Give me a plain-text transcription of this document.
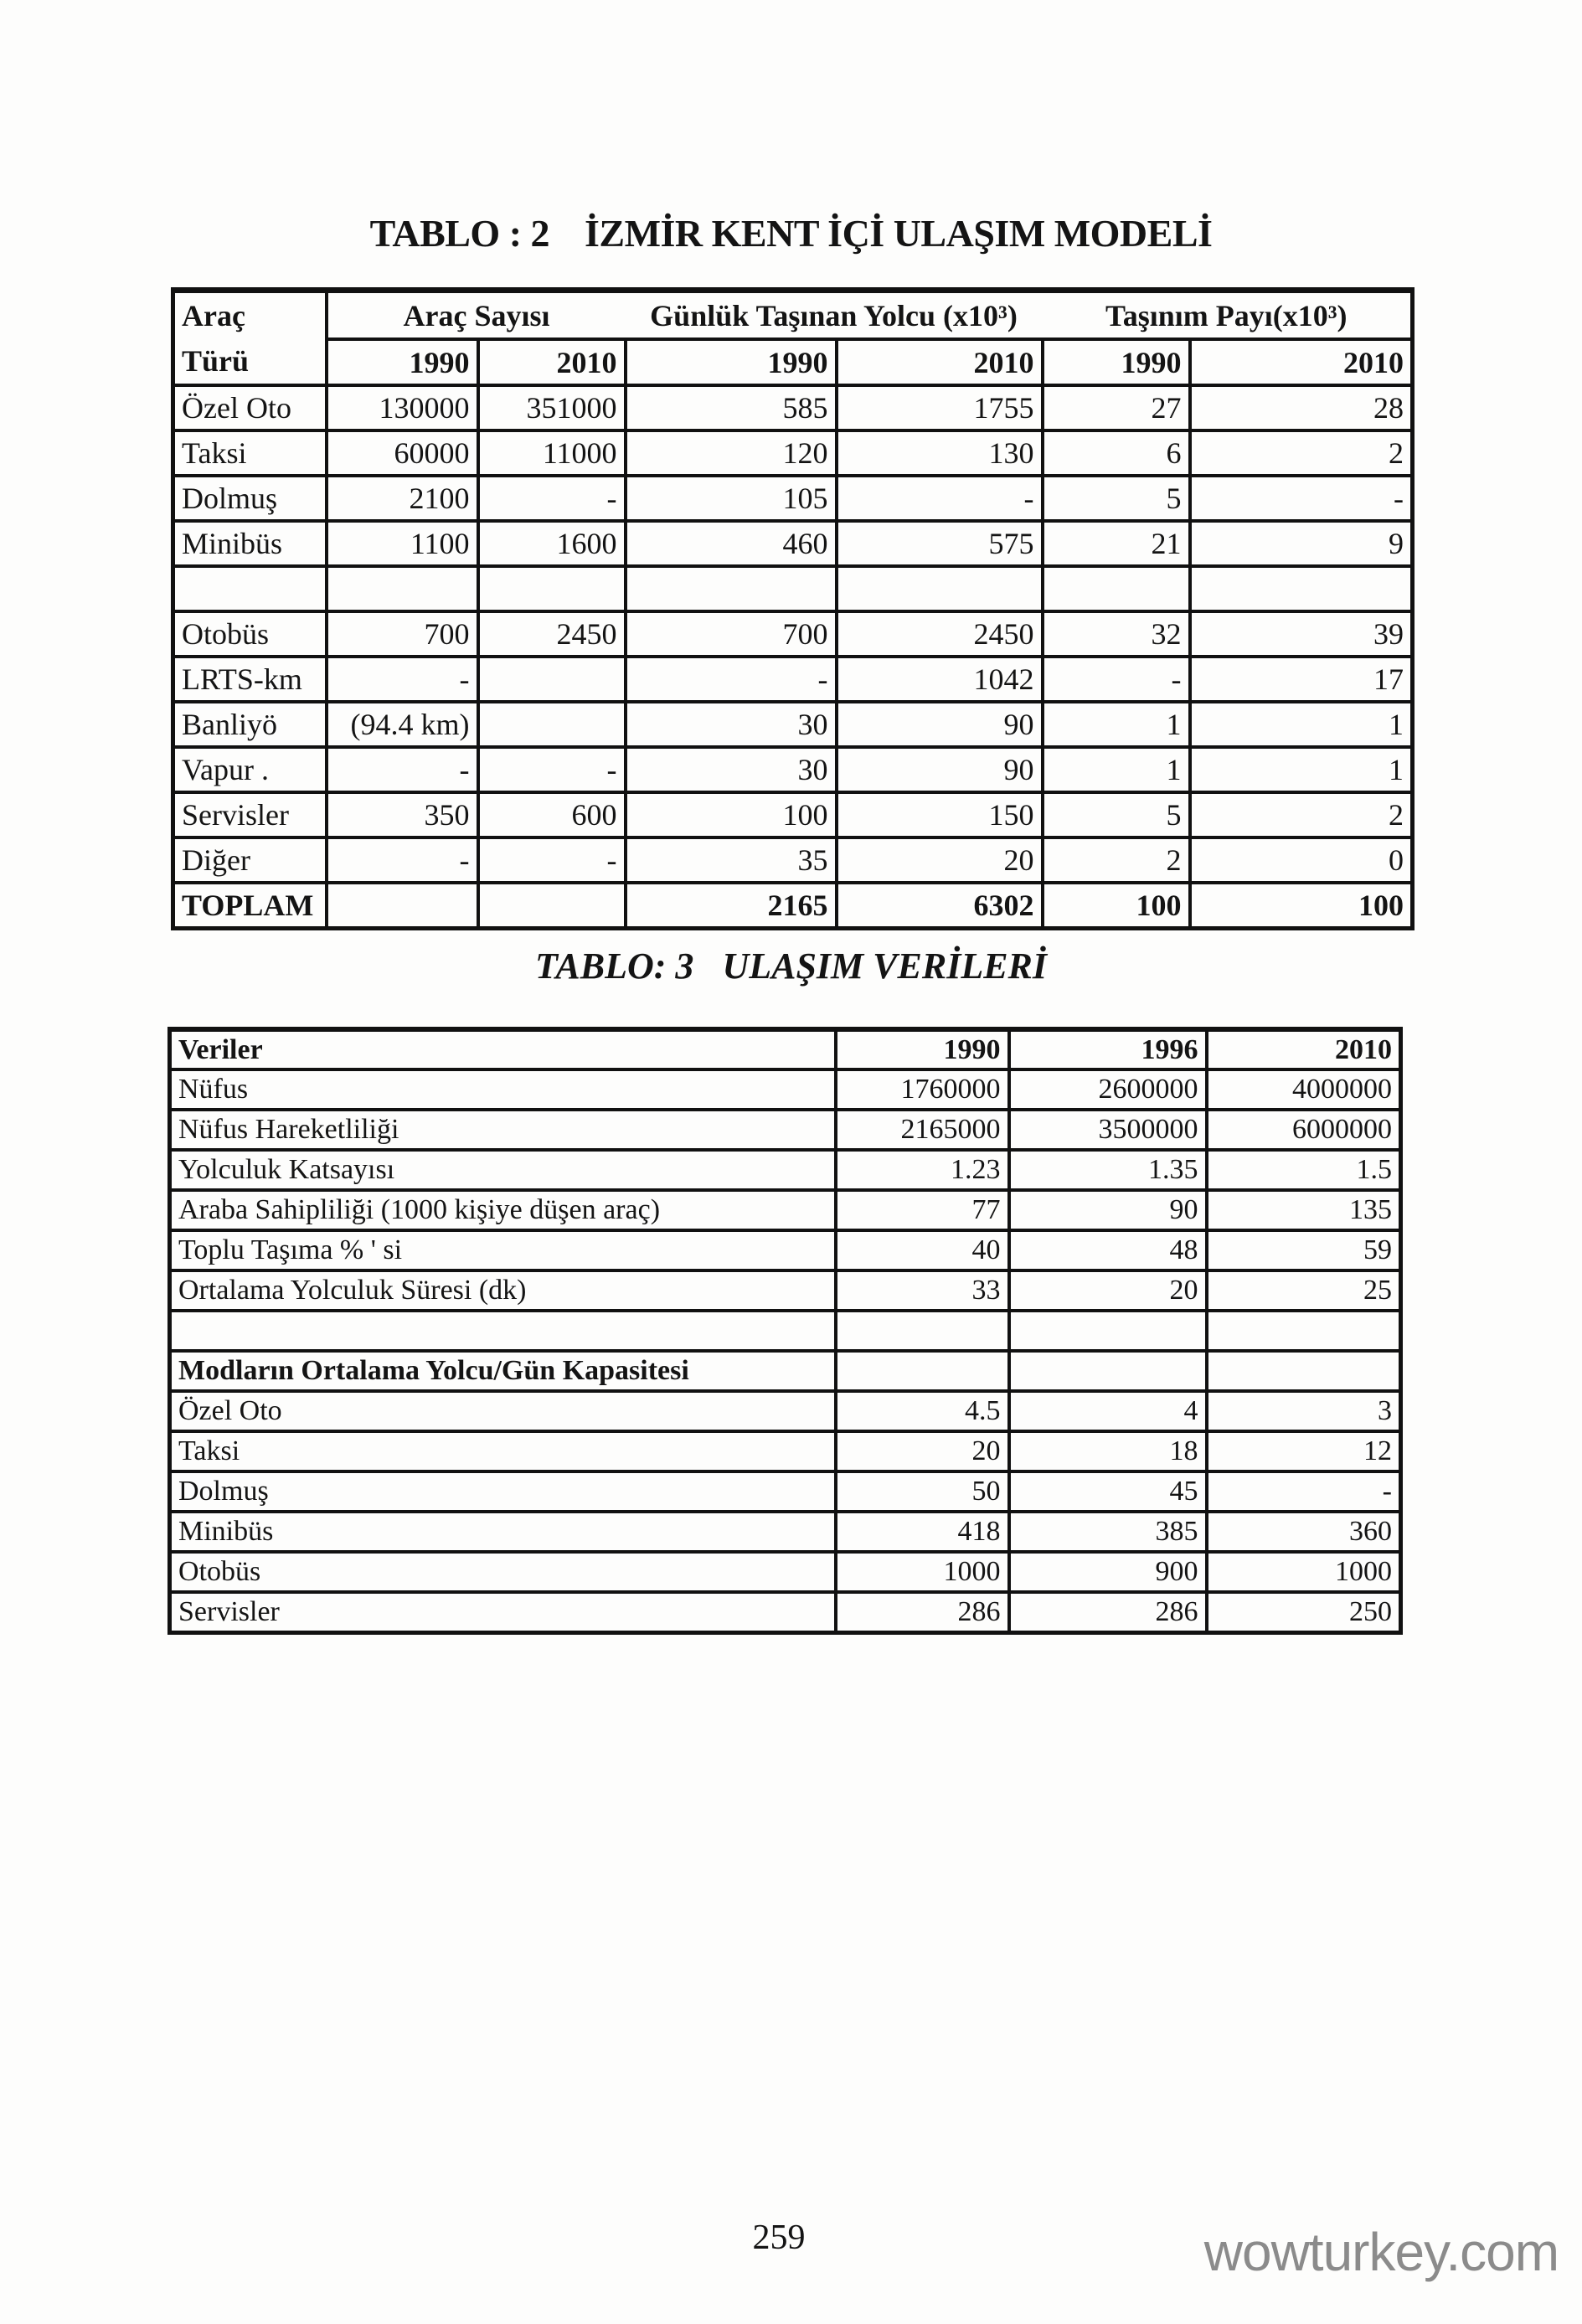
TABLO : 2 İZMİR KENT İÇİ ULAŞIM MODELİ
Araç
Türü	Araç Sayısı		Günlük Taşınan Yolcu (x10³)		Taşınım Payı(x10³)	
	1990	2010	1990	2010	1990	2010
Özel Oto	130000	351000	585	1755	27	28
Taksi	60000	11000	120	130	6	2
Dolmuş	2100	-	105	-	5	-
Minibüs	1100	1600	460	575	21	9

Otobüs	700	2450	700	2450	32	39
LRTS-km	-		-	1042	-	17
Banliyö	(94.4 km)		30	90	1	1
Vapur .	-	-	30	90	1	1
Servisler	350	600	100	150	5	2
Diğer	-	-	35	20	2	0
TOPLAM			2165	6302	100	100
TABLO: 3 ULAŞIM VERİLERİ
Veriler	1990	1996	2010
Nüfus	1760000	2600000	4000000
Nüfus Hareketliliği	2165000	3500000	6000000
Yolculuk Katsayısı	1.23	1.35	1.5
Araba Sahipliliği (1000 kişiye düşen araç)	77	90	135
Toplu Taşıma % ' si	40	48	59
Ortalama Yolculuk Süresi (dk)	33	20	25

Modların Ortalama Yolcu/Gün Kapasitesi			
Özel Oto	4.5	4	3
Taksi	20	18	12
Dolmuş	50	45	-
Minibüs	418	385	360
Otobüs	1000	900	1000
Servisler	286	286	250
259	wowturkey.com
